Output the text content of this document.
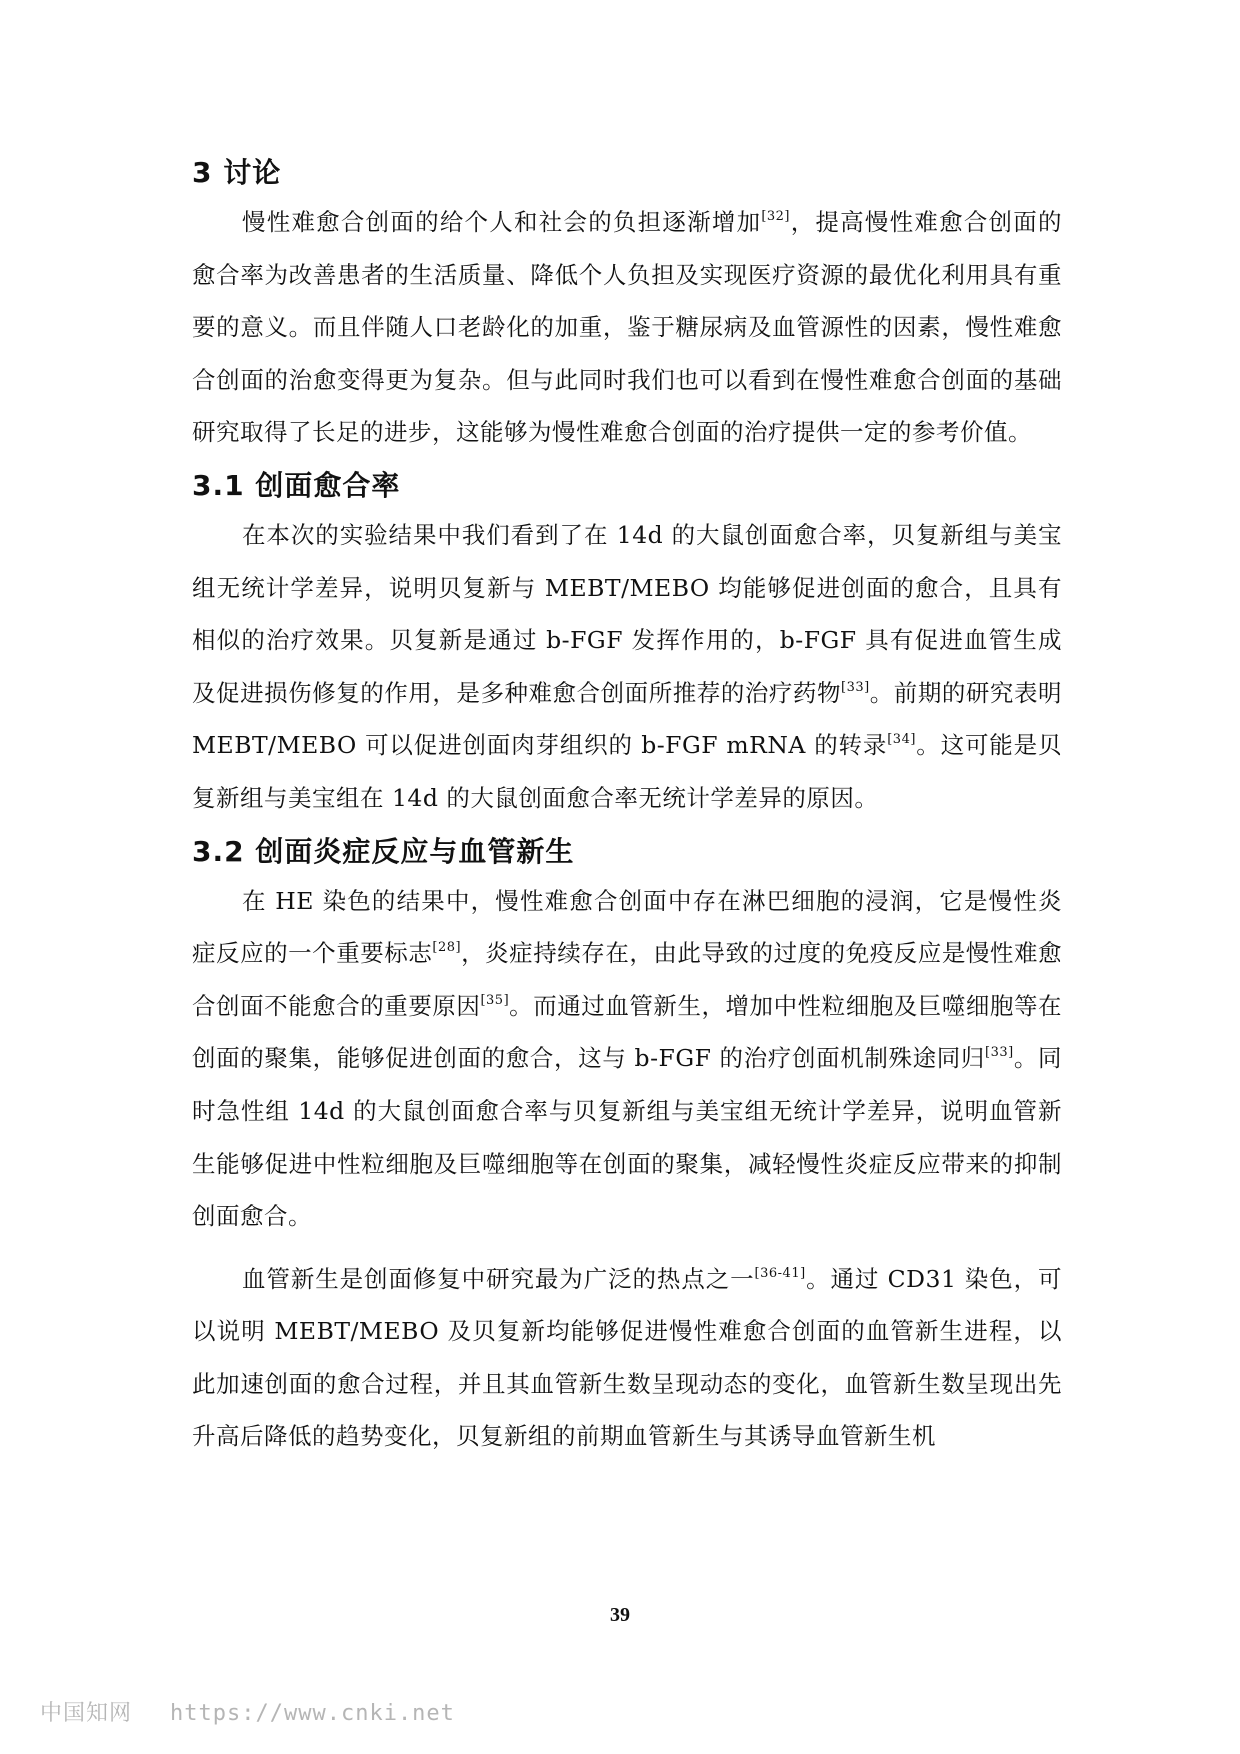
3 讨论

慢性难愈合创面的给个人和社会的负担逐渐增加[32]，提高慢性难愈合创面的愈合率为改善患者的生活质量、降低个人负担及实现医疗资源的最优化利用具有重要的意义。而且伴随人口老龄化的加重，鉴于糖尿病及血管源性的因素，慢性难愈合创面的治愈变得更为复杂。但与此同时我们也可以看到在慢性难愈合创面的基础研究取得了长足的进步，这能够为慢性难愈合创面的治疗提供一定的参考价值。

3.1 创面愈合率

在本次的实验结果中我们看到了在 14d 的大鼠创面愈合率，贝复新组与美宝组无统计学差异，说明贝复新与 MEBT/MEBO 均能够促进创面的愈合，且具有相似的治疗效果。贝复新是通过 b-FGF 发挥作用的，b-FGF 具有促进血管生成及促进损伤修复的作用，是多种难愈合创面所推荐的治疗药物[33]。前期的研究表明 MEBT/MEBO 可以促进创面肉芽组织的 b-FGF mRNA 的转录[34]。这可能是贝复新组与美宝组在 14d 的大鼠创面愈合率无统计学差异的原因。

3.2 创面炎症反应与血管新生

在 HE 染色的结果中，慢性难愈合创面中存在淋巴细胞的浸润，它是慢性炎症反应的一个重要标志[28]，炎症持续存在，由此导致的过度的免疫反应是慢性难愈合创面不能愈合的重要原因[35]。而通过血管新生，增加中性粒细胞及巨噬细胞等在创面的聚集，能够促进创面的愈合，这与 b-FGF 的治疗创面机制殊途同归[33]。同时急性组 14d 的大鼠创面愈合率与贝复新组与美宝组无统计学差异，说明血管新生能够促进中性粒细胞及巨噬细胞等在创面的聚集，减轻慢性炎症反应带来的抑制创面愈合。

血管新生是创面修复中研究最为广泛的热点之一[36-41]。通过 CD31 染色，可以说明 MEBT/MEBO 及贝复新均能够促进慢性难愈合创面的血管新生进程，以此加速创面的愈合过程，并且其血管新生数呈现动态的变化，血管新生数呈现出先升高后降低的趋势变化，贝复新组的前期血管新生与其诱导血管新生机

39
中国知网 https://www.cnki.net
